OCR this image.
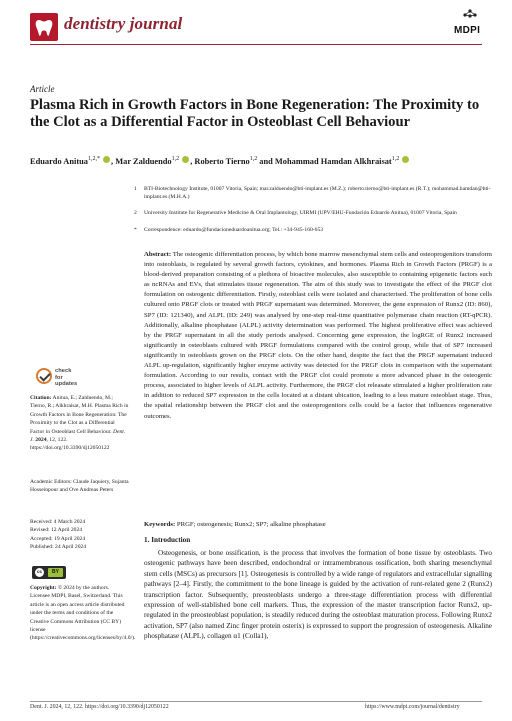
dentistry journal	MDPI
Article
Plasma Rich in Growth Factors in Bone Regeneration: The Proximity to the Clot as a Differential Factor in Osteoblast Cell Behaviour
Eduardo Anitua$^{1,2,*}$ , Mar Zalduendo$^{1,2}$ , Roberto Tierno$^{1,2}$ and Mohammad Hamdan Alkhraisat$^{1,2}$
1 BTI-Biotechnology Institute, 01007 Vitoria, Spain; mar.zalduendo@bti-implant.es (M.Z.); roberto.tierno@bti-implant.es (R.T.); mohammad.hamdan@bti-implant.es (M.H.A.)
2 University Institute for Regenerative Medicine & Oral Implantology, UIRMI (UPV/EHU-Fundación Eduardo Anitua), 01007 Vitoria, Spain
* Correspondence: eduardo@fundacioneduardoanitua.org; Tel.: +34-945-160-653
check for
updates
Citation: Anitua, E.; Zalduendo, M.; Tierno, R.; Alkhraisat, M.H. Plasma Rich in Growth Factors in Bone Regeneration: The Proximity to the Clot as a Differential Factor in Osteoblast Cell Behaviour. Dent. J. 2024, 12, 122. https://doi.org/10.3390/dj12050122
Academic Editors: Claude Jaquiery, Sujanta Hosseinpour and Ove Andreas Peters
Received: 4 March 2024
Revised: 12 April 2024
Accepted: 19 April 2024
Published: 24 April 2024
cc	BY
Copyright: © 2024 by the authors. Licensee MDPI, Basel, Switzerland. This article is an open access article distributed under the terms and conditions of the Creative Commons Attribution (CC BY) license (https://creativecommons.org/licenses/by/4.0/).
Abstract: The osteogenic differentiation process, by which bone marrow mesenchymal stem cells and osteoprogenitors transform into osteoblasts, is regulated by several growth factors, cytokines, and hormones. Plasma Rich in Growth Factors (PRGF) is a blood-derived preparation consisting of a plethora of bioactive molecules, also susceptible to containing epigenetic factors such as ncRNAs and EVs, that stimulates tissue regeneration. The aim of this study was to investigate the effect of the PRGF clot formulation on osteogenic differentiation. Firstly, osteoblast cells were isolated and characterised. The proliferation of bone cells cultured onto PRGF clots or treated with PRGF supernatant was determined. Moreover, the gene expression of Runx2 (ID: 860), SP7 (ID: 121340), and ALPL (ID: 249) was analysed by one-step real-time quantitative polymerase chain reaction (RT-qPCR). Additionally, alkaline phosphatase (ALPL) activity determination was performed. The highest proliferative effect was achieved by the PRGF supernatant in all the study periods analysed. Concerning gene expression, the logRGE of Runx2 increased significantly in osteoblasts cultured with PRGF formulations compared with the control group, while that of SP7 increased significantly in osteoblasts grown on the PRGF clots. On the other hand, despite the fact that the PRGF supernatant induced ALPL up-regulation, significantly higher enzyme activity was detected for the PRGF clots in comparison with the supernatant formulation. According to our results, contact with the PRGF clot could promote a more advanced phase in the osteogenic process, associated to higher levels of ALPL activity. Furthermore, the PRGF clot releasate stimulated a higher proliferation rate in addition to reduced SP7 expression in the cells located at a distant ubication, leading to a less mature osteoblast stage. Thus, the spatial relationship between the PRGF clot and the osteoprogenitors cells could be a factor that influences regenerative outcomes.
Keywords: PRGF; osteogenesis; Runx2; SP7; alkaline phosphatase
1. Introduction

Osteogenesis, or bone ossification, is the process that involves the formation of bone tissue by osteoblasts. Two osteogenic pathways have been described, endochondral or intramembranous ossification, both sharing mesenchymal stem cells (MSCs) as precursors [1]. Osteogenesis is controlled by a wide range of regulators and extracellular signalling pathways [2–4]. Firstly, the commitment to the bone lineage is guided by the activation of runt-related gene 2 (Runx2) transcription factor. Subsequently, preosteoblasts undergo a three-stage differentiation process with differential expression of well-stablished bone cell markers. Thus, the expression of the master transcription factor Runx2, up-regulated in the preosteoblast population, is steadily reduced during the osteoblast maturation process. Following Runx2 activation, SP7 (also named Zinc finger protein osterix) is expressed to support the progression of osteogenesis. Alkaline phosphatase (ALPL), collagen α1 (Colla1),

Dent. J. 2024, 12, 122. https://doi.org/10.3390/dj12050122	https://www.mdpi.com/journal/dentistry
